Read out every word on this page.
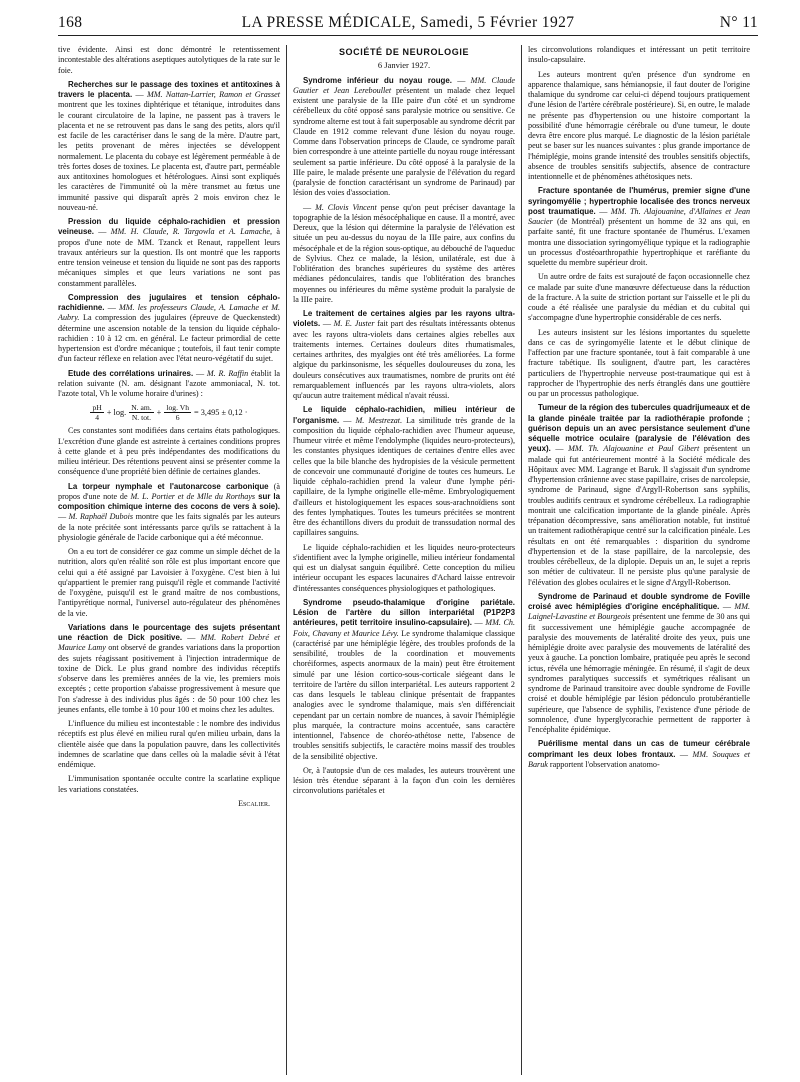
168	LA PRESSE MÉDICALE, Samedi, 5 Février 1927	N° 11

tive évidente. Ainsi est donc démontré le retentissement incontestable des altérations aseptiques autolytiques de la rate sur le foie.

Recherches sur le passage des toxines et antitoxines à travers le placenta. — MM. Nattan-Larrier, Ramon et Grasset montrent que les toxines diphtérique et tétanique, introduites dans le courant circulatoire de la lapine, ne passent pas à travers le placenta et ne se retrouvent pas dans le sang des petits, alors qu'il est facile de les caractériser dans le sang de la mère. D'autre part, les petits provenant de mères injectées se développent normalement. Le placenta du cobaye est légèrement perméable à de très fortes doses de toxines. Le placenta est, d'autre part, perméable aux antitoxines homologues et hétérologues. Ainsi sont expliqués les caractères de l'immunité où la mère transmet au fœtus une immunité passive qui disparaît après 2 mois environ chez le nouveau-né.

Pression du liquide céphalo-rachidien et pression veineuse. — MM. H. Claude, R. Targowla et A. Lamache, à propos d'une note de MM. Tzanck et Renaut, rappellent leurs travaux antérieurs sur la question. Ils ont montré que les rapports entre tension veineuse et tension du liquide ne sont pas des rapports mécaniques simples et que leurs variations ne sont pas constamment parallèles.

Compression des jugulaires et tension céphalo-rachidienne. — MM. les professeurs Claude, A. Lamache et M. Aubry. La compression des jugulaires (épreuve de Queckenstedt) détermine une ascension notable de la tension du liquide céphalo-rachidien : 10 à 12 cm. en général. Le facteur primordial de cette hypertension est d'ordre mécanique ; toutefois, il faut tenir compte d'un facteur réflexe en relation avec l'état neuro-végétatif du sujet.

Etude des corrélations urinaires. — M. R. Raffin établit la relation suivante (N. am. désignant l'azote ammoniacal, N. tot. l'azote total, Vh le volume horaire d'urines) :

$\frac{pH}{4} + \log$. $\frac{N. am.}{\text{N. tot.}} + \frac{\log. Vh}{6} = 3,495 \pm 0,12$ ·

Ces constantes sont modifiées dans certains états pathologiques. L'excrétion d'une glande est astreinte à certaines conditions propres à cette glande et à peu près indépendantes des modifications du milieu intérieur. Des rétentions peuvent ainsi se présenter comme la conséquence d'une propriété bien définie de certaines glandes.

La torpeur nymphale et l'autonarcose carbonique (à propos d'une note de M. L. Portier et de Mlle du Rorthays sur la composition chimique interne des cocons de vers à soie). — M. Raphaël Dubois montre que les faits signalés par les auteurs de la note précitée sont intéressants parce qu'ils se rattachent à la physiologie générale de l'acide carbonique qui a été méconnue.

On a eu tort de considérer ce gaz comme un simple déchet de la nutrition, alors qu'en réalité son rôle est plus important encore que celui qui a été assigné par Lavoisier à l'oxygène. C'est bien à lui qu'appartient le premier rang puisqu'il règle et commande l'activité de l'oxygène, puisqu'il est le grand maître de nos combustions, l'antipyrétique normal, l'universel auto-régulateur des phénomènes de la vie.

Variations dans le pourcentage des sujets présentant une réaction de Dick positive. — MM. Robert Debré et Maurice Lamy ont observé de grandes variations dans la proportion des sujets réagissant positivement à l'injection intradermique de toxine de Dick. Le plus grand nombre des individus réceptifs s'observe dans les premières années de la vie, les premiers mois exceptés ; cette proportion s'abaisse progressivement à mesure que l'on s'adresse à des individus plus âgés : de 50 pour 100 chez les jeunes enfants, elle tombe à 10 pour 100 et moins chez les adultes.

L'influence du milieu est incontestable : le nombre des individus réceptifs est plus élevé en milieu rural qu'en milieu urbain, dans la clientèle aisée que dans la population pauvre, dans les collectivités indemnes de scarlatine que dans celles où la maladie sévit à l'état endémique.

L'immunisation spontanée occulte contre la scarlatine explique les variations constatées.

Escalier.
SOCIÉTÉ DE NEUROLOGIE
6 Janvier 1927.

Syndrome inférieur du noyau rouge. — MM. Claude Gautier et Jean Lereboullet présentent un malade chez lequel existent une paralysie de la IIIe paire d'un côté et un syndrome cérébelleux du côté opposé sans paralysie motrice ou sensitive. Ce syndrome alterne est tout à fait superposable au syndrome décrit par Claude en 1912 comme relevant d'une lésion du noyau rouge. Comme dans l'observation princeps de Claude, ce syndrome paraît bien correspondre à une atteinte partielle du noyau rouge intéressant seulement sa partie inférieure. Du côté opposé à la paralysie de la IIIe paire, le malade présente une paralysie de l'élévation du regard (paralysie de fonction caractérisant un syndrome de Parinaud) par lésion des voies d'association.

— M. Clovis Vincent pense qu'on peut préciser davantage la topographie de la lésion mésocéphalique en cause. Il a montré, avec Dereux, que la lésion qui détermine la paralysie de l'élévation est située un peu au-dessus du noyau de la IIIe paire, aux confins du mésocéphale et de la région sous-optique, au débouché de l'aqueduc de Sylvius. Chez ce malade, la lésion, unilatérale, est due à l'oblitération des branches supérieures du système des artères médianes pédonculaires, tandis que l'oblitération des branches moyennes ou inférieures du même système produit la paralysie de la IIIe paire.

Le traitement de certaines algies par les rayons ultra-violets. — M. E. Juster fait part des résultats intéressants obtenus avec les rayons ultra-violets dans certaines algies rebelles aux traitements internes. Certaines douleurs dites rhumatismales, certaines arthrites, des myalgies ont été très améliorées. La forme algique du parkinsonisme, les séquelles douloureuses du zona, les douleurs consécutives aux traumatismes, nombre de prurits ont été remarquablement influencés par les rayons ultra-violets, alors qu'aucun autre traitement médical n'avait réussi.

Le liquide céphalo-rachidien, milieu intérieur de l'organisme. — M. Mestrezat. La similitude très grande de la composition du liquide céphalo-rachidien avec l'humeur aqueuse, l'humeur vitrée et même l'endolymphe (liquides neuro-protecteurs), les constantes physiques identiques de certaines d'entre elles avec celles que la bile blanche des hydropisies de la vésicule permettent de concevoir une communauté d'origine de toutes ces humeurs. Le liquide céphalo-rachidien prend la valeur d'une lymphe péri-capillaire, de la lymphe originelle elle-même. Embryologiquement d'ailleurs et histologiquement les espaces sous-arachnoïdiens sont des fentes lymphatiques. Toutes les tumeurs précitées se montrent être des échantillons divers du produit de transsudation normal des capillaires sanguins.

Le liquide céphalo-rachidien et les liquides neuro-protecteurs s'identifient avec la lymphe originelle, milieu intérieur fondamental qui est un dialysat sanguin équilibré. Cette conception du milieu intérieur occupant les espaces lacunaires d'Achard laisse entrevoir d'intéressantes conséquences physiologiques et pathologiques.

Syndrome pseudo-thalamique d'origine pariétale. Lésion de l'artère du sillon interpariétal (P1P2P3 antérieures, petit territoire insulino-capsulaire). — MM. Ch. Foix, Chavany et Maurice Lévy. Le syndrome thalamique classique (caractérisé par une hémiplégie légère, des troubles profonds de la sensibilité, troubles de la coordination et mouvements choréiformes, aspects anormaux de la main) peut être étroitement simulé par une lésion cortico-sous-corticale siégeant dans le territoire de l'artère du sillon interpariétal. Les auteurs rapportent 2 cas dans lesquels le tableau clinique présentait de frappantes analogies avec le syndrome thalamique, mais s'en différenciait cependant par un certain nombre de nuances, à savoir l'hémiplégie plus marquée, la contracture moins accentuée, sans caractère intentionnel, l'absence de choréo-athétose nette, l'absence de troubles sensitifs subjectifs, le caractère moins massif des troubles de la sensibilité objective.

Or, à l'autopsie d'un de ces malades, les auteurs trouvèrent une lésion très étendue séparant à la façon d'un coin les dernières circonvolutions pariétales et

les circonvolutions rolandiques et intéressant un petit territoire insulo-capsulaire.

Les auteurs montrent qu'en présence d'un syndrome en apparence thalamique, sans hémianopsie, il faut douter de l'origine thalamique du syndrome car celui-ci dépend toujours pratiquement d'une lésion de l'artère cérébrale postérieure). Si, en outre, le malade ne présente pas d'hypertension ou une histoire comportant la possibilité d'une hémorragie cérébrale ou d'une tumeur, le doute devra être encore plus marqué. Le diagnostic de la lésion pariétale peut se baser sur les nuances suivantes : plus grande importance de l'hémiplégie, moins grande intensité des troubles sensitifs objectifs, absence de troubles sensitifs subjectifs, absence de contracture intentionnelle et de phénomènes athétosiques nets.

Fracture spontanée de l'humérus, premier signe d'une syringomyélie ; hypertrophie localisée des troncs nerveux post traumatique. — MM. Th. Alajouanine, d'Allaines et Jean Saucier (de Montréal) présentent un homme de 32 ans qui, en parfaite santé, fit une fracture spontanée de l'humérus. L'examen montra une dissociation syringomyélique typique et la radiographie un processus d'ostéoarthropathie hypertrophique et raréfiante du squelette du membre supérieur droit.

Un autre ordre de faits est surajouté de façon occasionnelle chez ce malade par suite d'une manœuvre défectueuse dans la réduction de la fracture. A la suite de striction portant sur l'aisselle et le pli du coude a été réalisée une paralysie du médian et du cubital qui s'accompagne d'une hypertrophie considérable de ces nerfs.

Les auteurs insistent sur les lésions importantes du squelette dans ce cas de syringomyélie latente et le début clinique de l'affection par une fracture spontanée, tout à fait comparable à une fracture tabétique. Ils soulignent, d'autre part, les caractères particuliers de l'hypertrophie nerveuse post-traumatique qui est à rapprocher de l'hypertrophie des nerfs étranglés dans une gouttière ou par un processus pathologique.

Tumeur de la région des tubercules quadrijumeaux et de la glande pinéale traitée par la radiothérapie profonde ; guérison depuis un an avec persistance seulement d'une séquelle motrice oculaire (paralysie de l'élévation des yeux). — MM. Th. Alajouanine et Paul Gibert présentent un malade qui fut antérieurement montré à la Société médicale des Hôpitaux avec MM. Lagrange et Baruk. Il s'agissait d'un syndrome d'hypertension crânienne avec stase papillaire, crises de narcolepsie, syndrome de Parinaud, signe d'Argyll-Robertson sans syphilis, troubles auditifs centraux et syndrome cérébelleux. La radiographie montrait une calcification importante de la glande pinéale. Après trépanation décompressive, sans amélioration notable, fut institué un traitement radiothérapique centré sur la calcification pinéale. Les résultats en ont été remarquables : disparition du syndrome d'hypertension et de la stase papillaire, de la narcolepsie, des troubles cérébelleux, de la diplopie. Depuis un an, le sujet a repris son métier de cultivateur. Il ne persiste plus qu'une paralysie de l'élévation des globes oculaires et le signe d'Argyll-Robertson.

Syndrome de Parinaud et double syndrome de Foville croisé avec hémiplégies d'origine encéphalitique. — MM. Laignel-Lavastine et Bourgeois présentent une femme de 30 ans qui fit successivement une hémiplégie gauche accompagnée de paralysie des mouvements de latéralité droite des yeux, puis une hémiplégie droite avec paralysie des mouvements de latéralité des yeux à gauche. La ponction lombaire, pratiquée peu après le second ictus, révéla une hémorragie méningée. En résumé, il s'agit de deux syndromes paralytiques successifs et symétriques réalisant un syndrome de Parinaud transitoire avec double syndrome de Foville croisé et double hémiplégie par lésion pédonculo protubérantielle supérieure, que l'absence de syphilis, l'existence d'une période de somnolence, d'une hyperglycorachie permettent de rapporter à l'encéphalite épidémique.

Puérilisme mental dans un cas de tumeur cérébrale comprimant les deux lobes frontaux. — MM. Souques et Baruk rapportent l'observation anatomo-
